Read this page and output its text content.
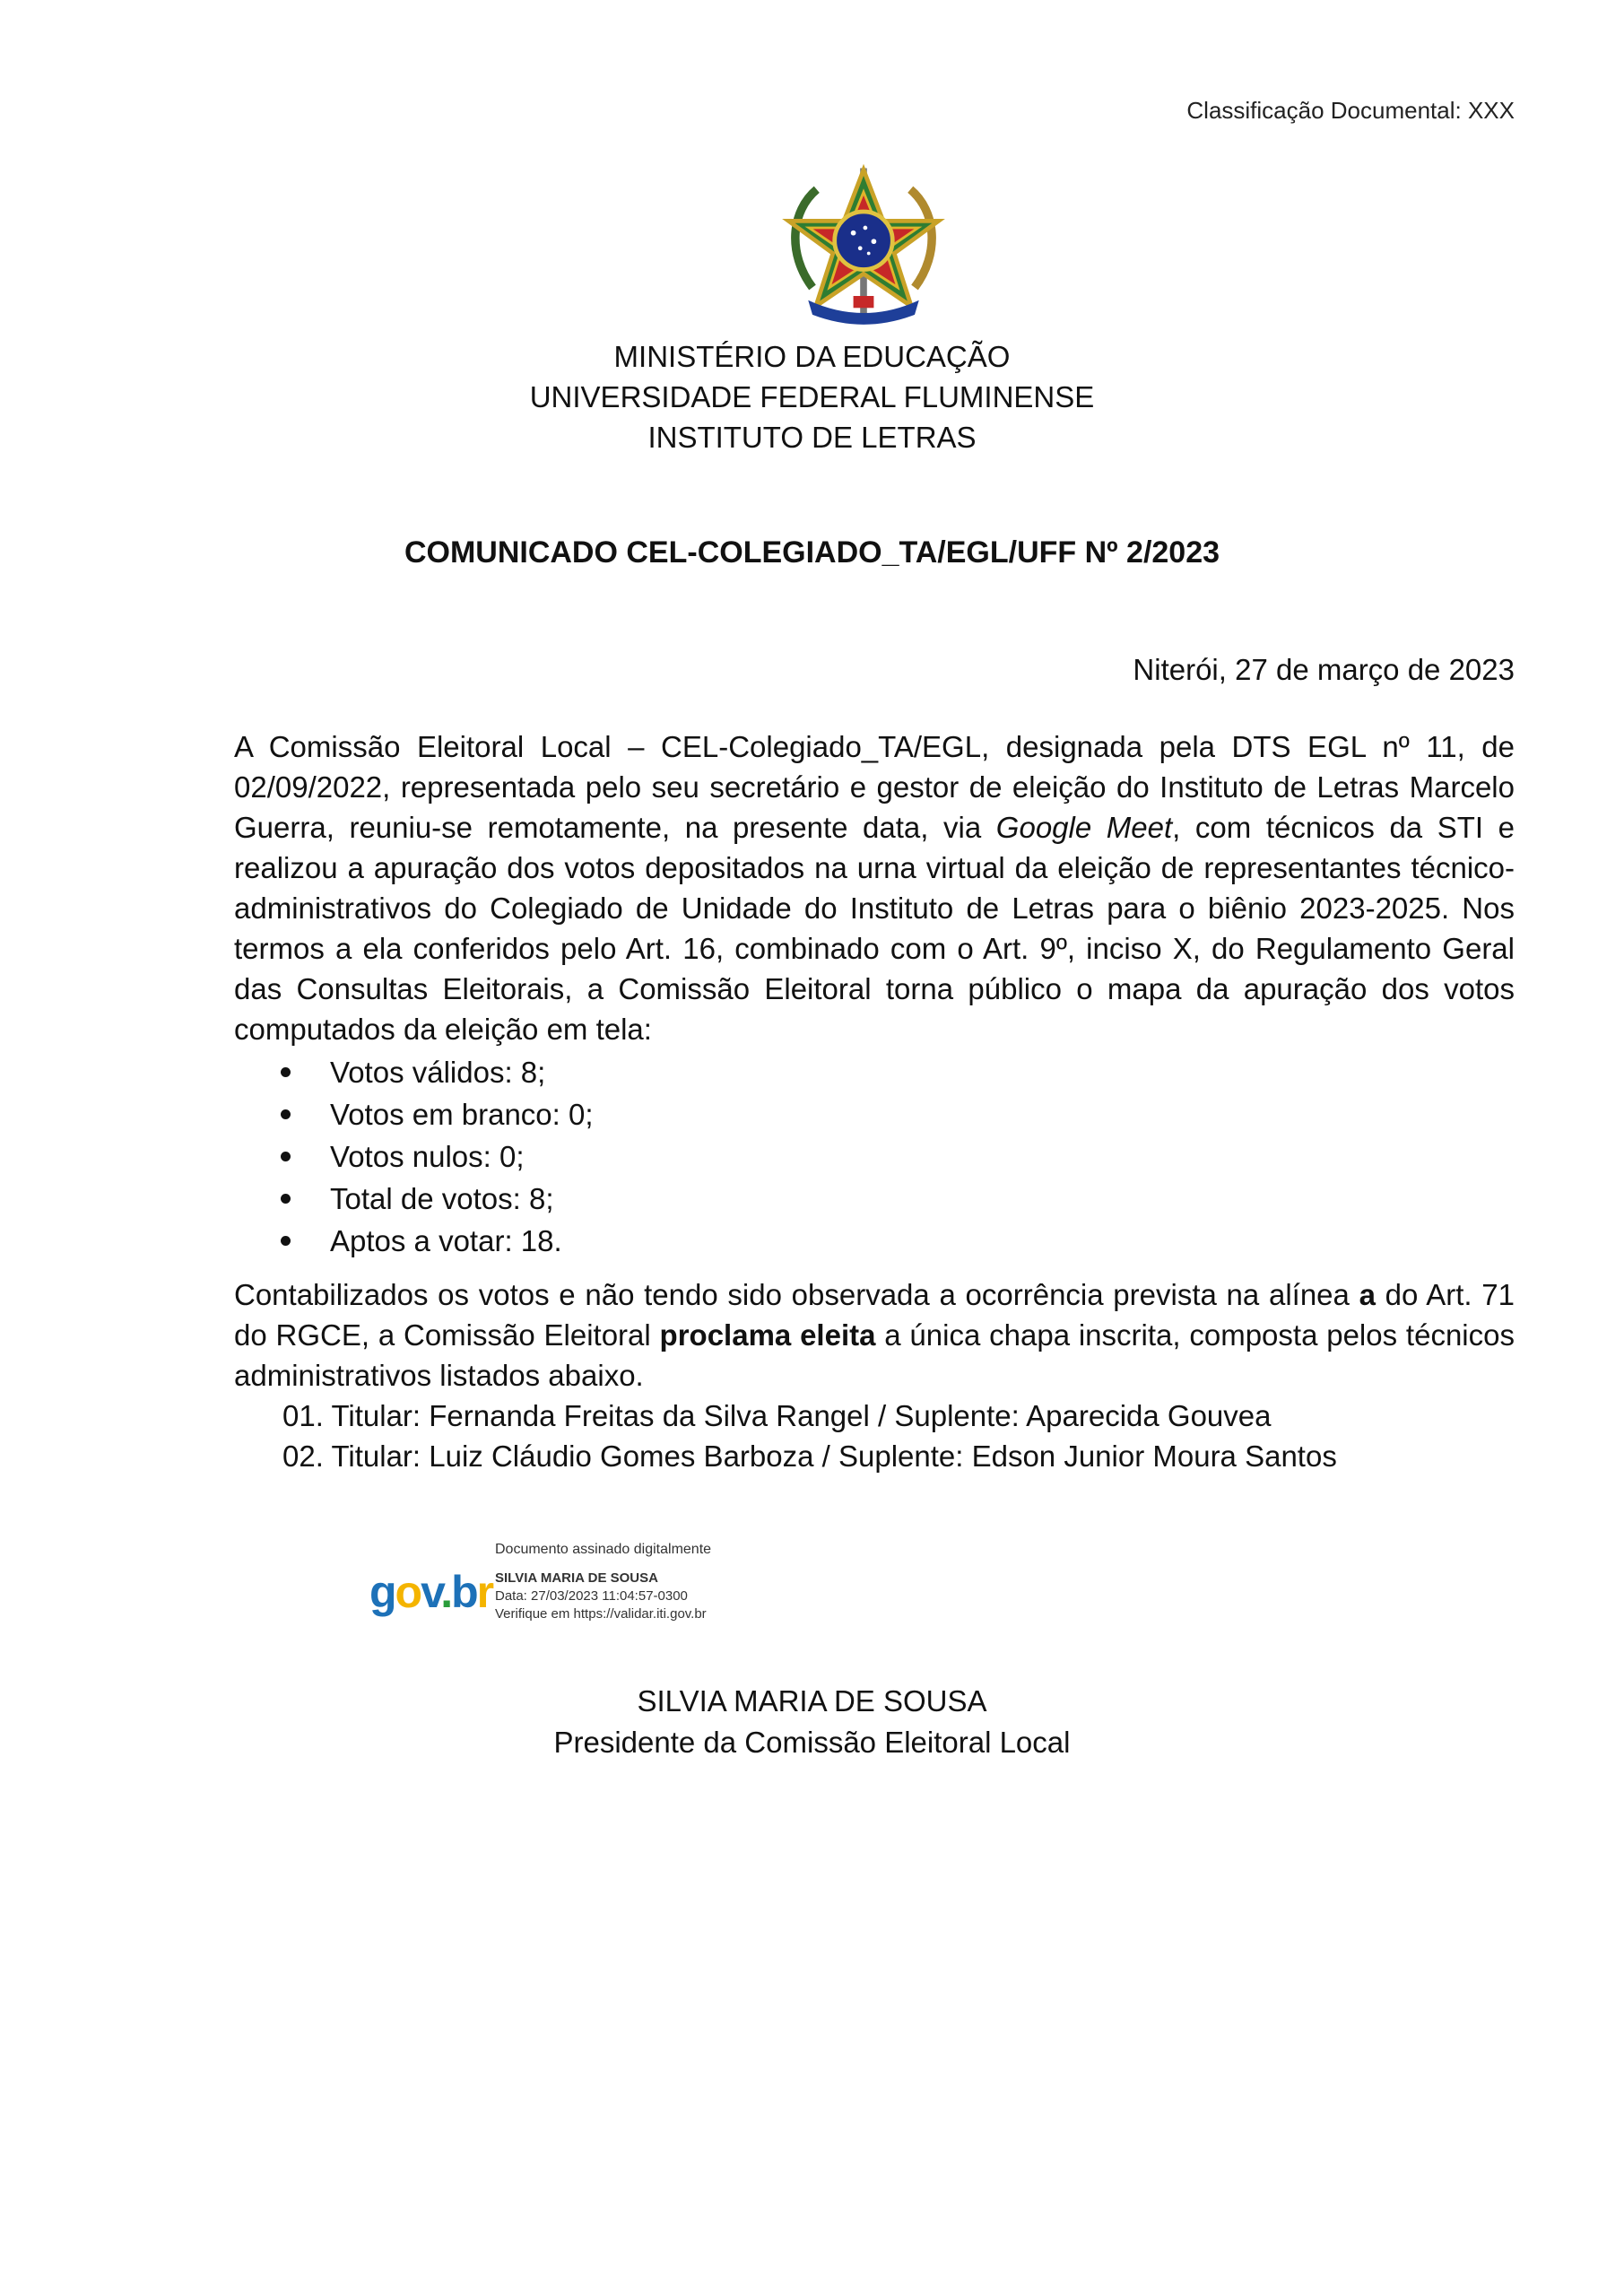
Classificação Documental: XXX
MINISTÉRIO DA EDUCAÇÃO
UNIVERSIDADE FEDERAL FLUMINENSE
INSTITUTO DE LETRAS
COMUNICADO CEL-COLEGIADO_TA/EGL/UFF Nº 2/2023
Niterói, 27 de março de 2023

A Comissão Eleitoral Local – CEL-Colegiado_TA/EGL, designada pela DTS EGL nº 11, de 02/09/2022, representada pelo seu secretário e gestor de eleição do Instituto de Letras Marcelo Guerra, reuniu-se remotamente, na presente data, via Google Meet, com técnicos da STI e realizou a apuração dos votos depositados na urna virtual da eleição de representantes técnico-administrativos do Colegiado de Unidade do Instituto de Letras para o biênio 2023-2025. Nos termos a ela conferidos pelo Art. 16, combinado com o Art. 9º, inciso X, do Regulamento Geral das Consultas Eleitorais, a Comissão Eleitoral torna público o mapa da apuração dos votos computados da eleição em tela:

Votos válidos: 8;
Votos em branco: 0;
Votos nulos: 0;
Total de votos: 8;
Aptos a votar: 18.

Contabilizados os votos e não tendo sido observada a ocorrência prevista na alínea a do Art. 71 do RGCE, a Comissão Eleitoral proclama eleita a única chapa inscrita, composta pelos técnicos administrativos listados abaixo.

01. Titular: Fernanda Freitas da Silva Rangel / Suplente: Aparecida Gouvea
02. Titular: Luiz Cláudio Gomes Barboza / Suplente: Edson Junior Moura Santos
gov.br
Documento assinado digitalmente
SILVIA MARIA DE SOUSA
Data: 27/03/2023 11:04:57-0300
Verifique em https://validar.iti.gov.br
SILVIA MARIA DE SOUSA
Presidente da Comissão Eleitoral Local
